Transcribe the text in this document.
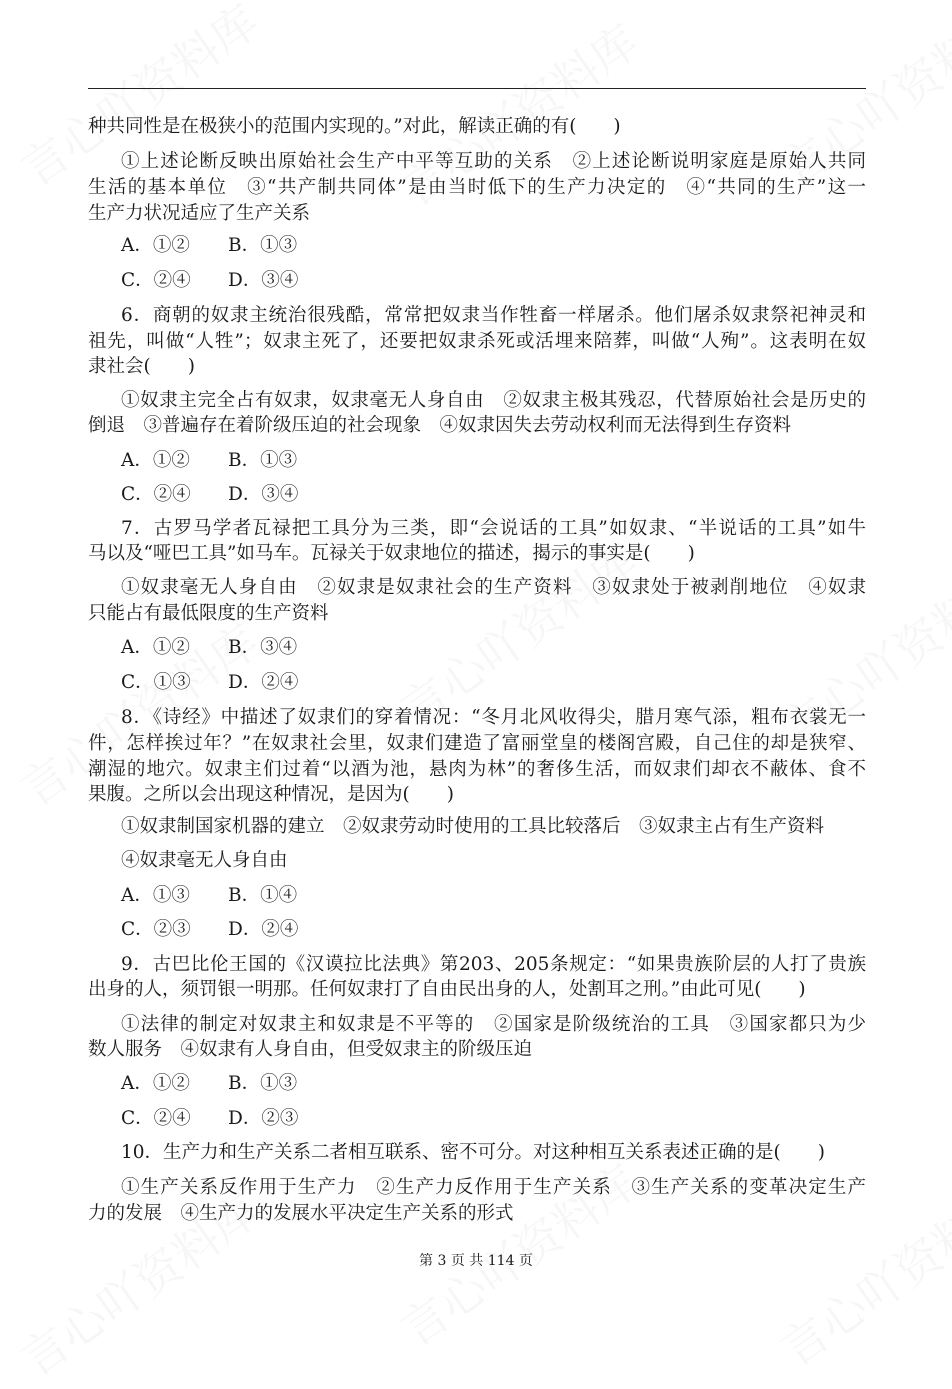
种共同性是在极狭小的范围内实现的。”对此，解读正确的有(　　)
①上述论断反映出原始社会生产中平等互助的关系　②上述论断说明家庭是原始人共同
生活的基本单位　③“共产制共同体”是由当时低下的生产力决定的　④“共同的生产”这一
生产力状况适应了生产关系
A．①② B．①③
C．②④ D．③④
6．商朝的奴隶主统治很残酷，常常把奴隶当作牲畜一样屠杀。他们屠杀奴隶祭祀神灵和
祖先，叫做“人牲”；奴隶主死了，还要把奴隶杀死或活埋来陪葬，叫做“人殉”。这表明在奴
隶社会(　　)
①奴隶主完全占有奴隶，奴隶毫无人身自由　②奴隶主极其残忍，代替原始社会是历史的
倒退　③普遍存在着阶级压迫的社会现象　④奴隶因失去劳动权利而无法得到生存资料
A．①② B．①③
C．②④ D．③④
7．古罗马学者瓦禄把工具分为三类，即“会说话的工具”如奴隶、“半说话的工具”如牛
马以及“哑巴工具”如马车。瓦禄关于奴隶地位的描述，揭示的事实是(　　)
①奴隶毫无人身自由　②奴隶是奴隶社会的生产资料　③奴隶处于被剥削地位　④奴隶
只能占有最低限度的生产资料
A．①② B．③④
C．①③ D．②④
8．《诗经》中描述了奴隶们的穿着情况：“冬月北风收得尖，腊月寒气添，粗布衣裳无一
件，怎样挨过年？”在奴隶社会里，奴隶们建造了富丽堂皇的楼阁宫殿，自己住的却是狭窄、
潮湿的地穴。奴隶主们过着“以酒为池，悬肉为林”的奢侈生活，而奴隶们却衣不蔽体、食不
果腹。之所以会出现这种情况，是因为(　　)
①奴隶制国家机器的建立　②奴隶劳动时使用的工具比较落后　③奴隶主占有生产资料
④奴隶毫无人身自由
A．①③ B．①④
C．②③ D．②④
9．古巴比伦王国的《汉谟拉比法典》第203、205条规定：“如果贵族阶层的人打了贵族
出身的人，须罚银一明那。任何奴隶打了自由民出身的人，处割耳之刑。”由此可见(　　)
①法律的制定对奴隶主和奴隶是不平等的　②国家是阶级统治的工具　③国家都只为少
数人服务　④奴隶有人身自由，但受奴隶主的阶级压迫
A．①② B．①③
C．②④ D．②③
10．生产力和生产关系二者相互联系、密不可分。对这种相互关系表述正确的是(　　)
①生产关系反作用于生产力　②生产力反作用于生产关系　③生产关系的变革决定生产
力的发展　④生产力的发展水平决定生产关系的形式
第 3 页 共 114 页
